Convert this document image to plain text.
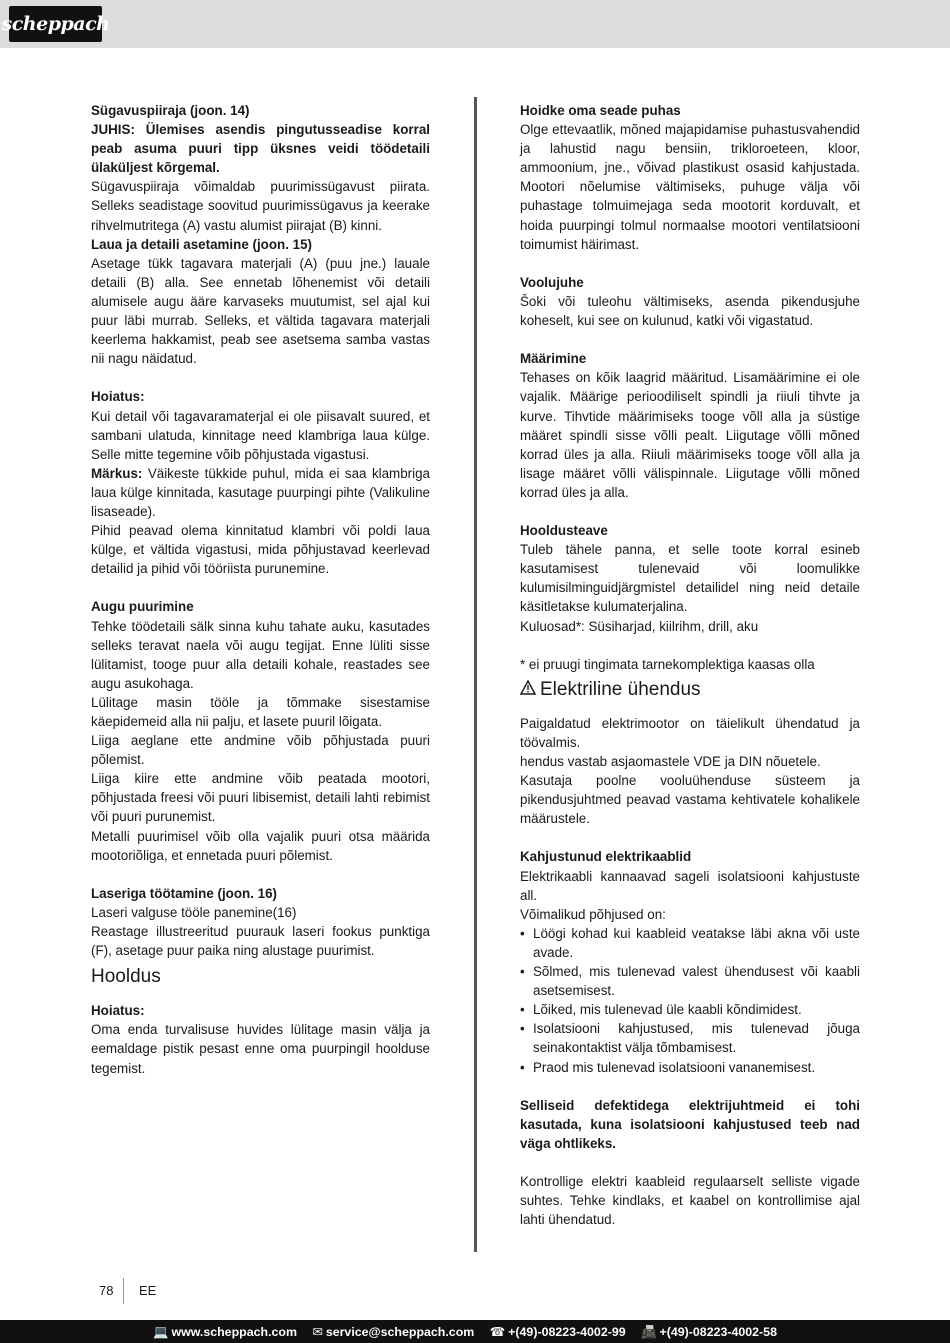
scheppach

Sügavuspiiraja (joon. 14)

JUHIS: Ülemises asendis pingutusseadise korral peab asuma puuri tipp üksnes veidi töödetaili ülaküljest kõrgemal.

Sügavuspiiraja võimaldab puurimissügavust piirata. Selleks seadistage soovitud puurimissügavus ja keerake rihvelmutritega (A) vastu alumist piirajat (B) kinni.

Laua ja detaili asetamine (joon. 15)

Asetage tükk tagavara materjali (A) (puu jne.) lauale detaili (B) alla. See ennetab lõhenemist või detaili alumisele augu ääre karvaseks muutumist, sel ajal kui puur läbi murrab. Selleks, et vältida tagavara materjali keerlema hakkamist, peab see asetsema samba vastas nii nagu näidatud.

Hoiatus:

Kui detail või tagavaramaterjal ei ole piisavalt suured, et sambani ulatuda, kinnitage need klambriga laua külge. Selle mitte tegemine võib põhjustada vigastusi.

Märkus: Väikeste tükkide puhul, mida ei saa klambriga laua külge kinnitada, kasutage puurpingi pihte (Valikuline lisaseade).

Pihid peavad olema kinnitatud klambri või poldi laua külge, et vältida vigastusi, mida põhjustavad keerlevad detailid ja pihid või tööriista purunemine.

Augu puurimine

Tehke töödetaili sälk sinna kuhu tahate auku, kasutades selleks teravat naela või augu tegijat. Enne lüliti sisse lülitamist, tooge puur alla detaili kohale, reastades see augu asukohaga.

Lülitage masin tööle ja tõmmake sisestamise käepidemeid alla nii palju, et lasete puuril lõigata.

Liiga aeglane ette andmine võib põhjustada puuri põlemist.

Liiga kiire ette andmine võib peatada mootori, põhjustada freesi või puuri libisemist, detaili lahti rebimist või puuri purunemist.

Metalli puurimisel võib olla vajalik puuri otsa määrida mootoriõliga, et ennetada puuri põlemist.

Laseriga töötamine (joon. 16)

Laseri valguse tööle panemine(16)

Reastage illustreeritud puurauk laseri fookus punktiga (F), asetage puur paika ning alustage puurimist.

Hooldus

Hoiatus:

Oma enda turvalisuse huvides lülitage masin välja ja eemaldage pistik pesast enne oma puurpingil hoolduse tegemist.

Hoidke oma seade puhas

Olge ettevaatlik, mõned majapidamise puhastusvahendid ja lahustid nagu bensiin, trikloroeteen, kloor, ammoonium, jne., võivad plastikust osasid kahjustada. Mootori nõelumise vältimiseks, puhuge välja või puhastage tolmuimejaga seda mootorit korduvalt, et hoida puurpingi tolmul normaalse mootori ventilatsiooni toimumist häirimast.

Voolujuhe

Šoki või tuleohu vältimiseks, asenda pikendusjuhe koheselt, kui see on kulunud, katki või vigastatud.

Määrimine

Tehases on kõik laagrid määritud. Lisamäärimine ei ole vajalik. Määrige perioodiliselt spindli ja riiuli tihvte ja kurve. Tihvtide määrimiseks tooge võll alla ja süstige määret spindli sisse võlli pealt. Liigutage võlli mõned korrad üles ja alla. Riiuli määrimiseks tooge võll alla ja lisage määret võlli välispinnale. Liigutage võlli mõned korrad üles ja alla.

Hooldusteave

Tuleb tähele panna, et selle toote korral esineb kasutamisest tulenevaid või loomulikke kulumisilminguidjärgmistel detailidel ning neid detaile käsitletakse kulumaterjalina.

Kuluosad*: Süsiharjad, kiilrihm, drill, aku

* ei pruugi tingimata tarnekomplektiga kaasas olla

Elektriline ühendus

Paigaldatud elektrimootor on täielikult ühendatud ja töövalmis.

hendus vastab asjaomastele VDE ja DIN nõuetele.

Kasutaja poolne vooluühenduse süsteem ja pikendusjuhtmed peavad vastama kehtivatele kohalikele määrustele.

Kahjustunud elektrikaablid

Elektrikaabli kannaavad sageli isolatsiooni kahjustuste all.

Võimalikud põhjused on:

• Löögi kohad kui kaableid veatakse läbi akna või uste avade.
• Sõlmed, mis tulenevad valest ühendusest või kaabli asetsemisest.
• Lõiked, mis tulenevad üle kaabli kõndimidest.
• Isolatsiooni kahjustused, mis tulenevad jõuga seinakontaktist välja tõmbamisest.
• Praod mis tulenevad isolatsiooni vananemisest.

Selliseid defektidega elektrijuhtmeid ei tohi kasutada, kuna isolatsiooni kahjustused teeb nad väga ohtlikeks.

Kontrollige elektri kaableid regulaarselt selliste vigade suhtes. Tehke kindlaks, et kaabel on kontrollimise ajal lahti ühendatud.

78 EE
💻 www.scheppach.com ✉ service@scheppach.com ☎ +(49)-08223-4002-99 📠 +(49)-08223-4002-58
